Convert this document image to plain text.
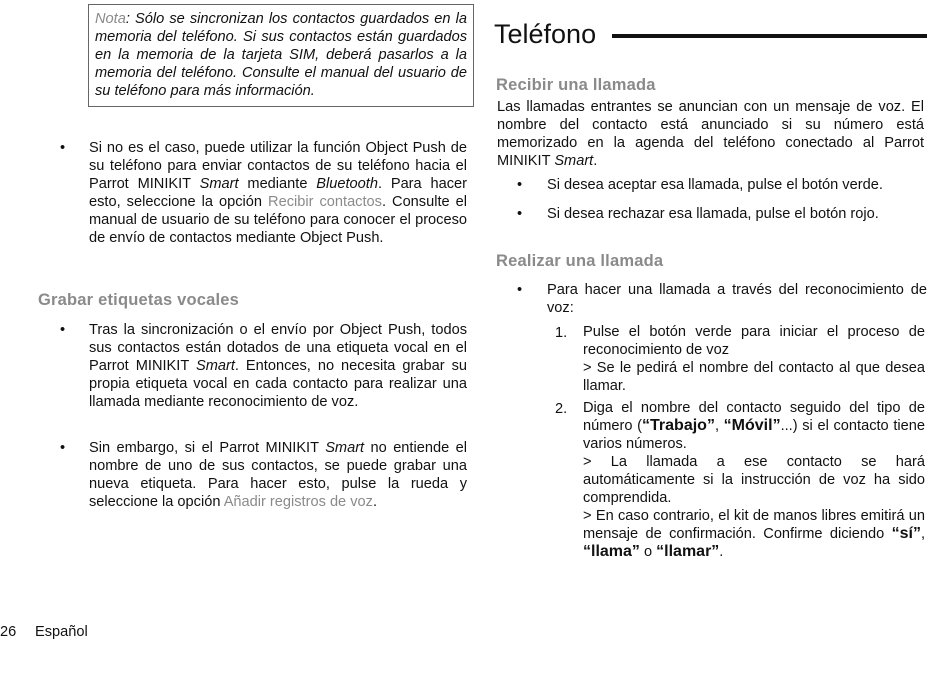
Nota: Sólo se sincronizan los contactos guardados en la memoria del teléfono. Si sus contactos están guardados en la memoria de la tarjeta SIM, deberá pasarlos a la memoria del teléfono. Consulte el manual del usuario de su teléfono para más información.
• Si no es el caso, puede utilizar la función Object Push de su teléfono para enviar contactos de su teléfono hacia el Parrot MINIKIT Smart mediante Bluetooth. Para hacer esto, seleccione la opción Recibir contactos. Consulte el manual de usuario de su teléfono para conocer el proceso de envío de contactos mediante Object Push.

Grabar etiquetas vocales
• Tras la sincronización o el envío por Object Push, todos sus contactos están dotados de una etiqueta vocal en el Parrot MINIKIT Smart. Entonces, no necesita grabar su propia etiqueta vocal en cada contacto para realizar una llamada mediante reconocimiento de voz.

• Sin embargo, si el Parrot MINIKIT Smart no entiende el nombre de uno de sus contactos, se puede grabar una nueva etiqueta. Para hacer esto, pulse la rueda y seleccione la opción Añadir registros de voz.

Teléfono
Recibir una llamada

Las llamadas entrantes se anuncian con un mensaje de voz. El nombre del contacto está anunciado si su número está memorizado en la agenda del teléfono conectado al Parrot MINIKIT Smart.

• Si desea aceptar esa llamada, pulse el botón verde.

• Si desea rechazar esa llamada, pulse el botón rojo.

Realizar una llamada
• Para hacer una llamada a través del reconocimiento de voz:

1. Pulse el botón verde para iniciar el proceso de reconocimiento de voz

> Se le pedirá el nombre del contacto al que desea llamar.

2. Diga el nombre del contacto seguido del tipo de número (“Trabajo”, “Móvil”...) si el contacto tiene varios números.

> La llamada a ese contacto se hará automáticamente si la instrucción de voz ha sido comprendida.

> En caso contrario, el kit de manos libres emitirá un mensaje de confirmación. Confirme diciendo “sí”, “llama” o “llamar”.

26 Español
